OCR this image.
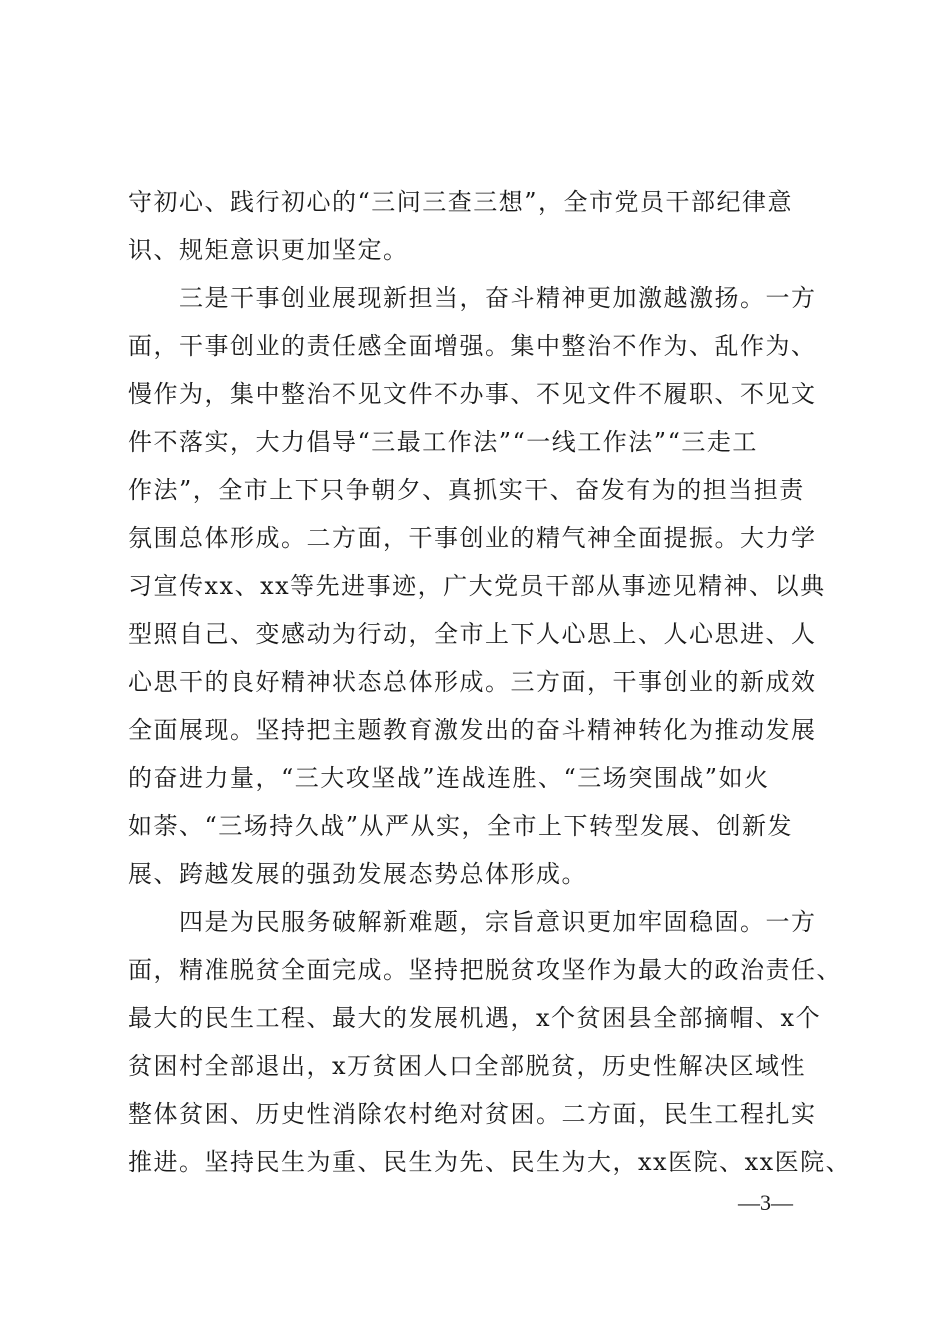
守初心、践行初心的“三问三查三想”，全市党员干部纪律意
识、规矩意识更加坚定。
　　三是干事创业展现新担当，奋斗精神更加激越激扬。一方
面，干事创业的责任感全面增强。集中整治不作为、乱作为、
慢作为，集中整治不见文件不办事、不见文件不履职、不见文
件不落实，大力倡导“三最工作法”“一线工作法”“三走工
作法”，全市上下只争朝夕、真抓实干、奋发有为的担当担责
氛围总体形成。二方面，干事创业的精气神全面提振。大力学
习宣传xx、xx等先进事迹，广大党员干部从事迹见精神、以典
型照自己、变感动为行动，全市上下人心思上、人心思进、人
心思干的良好精神状态总体形成。三方面，干事创业的新成效
全面展现。坚持把主题教育激发出的奋斗精神转化为推动发展
的奋进力量，“三大攻坚战”连战连胜、“三场突围战”如火
如荼、“三场持久战”从严从实，全市上下转型发展、创新发
展、跨越发展的强劲发展态势总体形成。
　　四是为民服务破解新难题，宗旨意识更加牢固稳固。一方
面，精准脱贫全面完成。坚持把脱贫攻坚作为最大的政治责任、
最大的民生工程、最大的发展机遇，x个贫困县全部摘帽、x个
贫困村全部退出，x万贫困人口全部脱贫，历史性解决区域性
整体贫困、历史性消除农村绝对贫困。二方面，民生工程扎实
推进。坚持民生为重、民生为先、民生为大，xx医院、xx医院、
—3—
